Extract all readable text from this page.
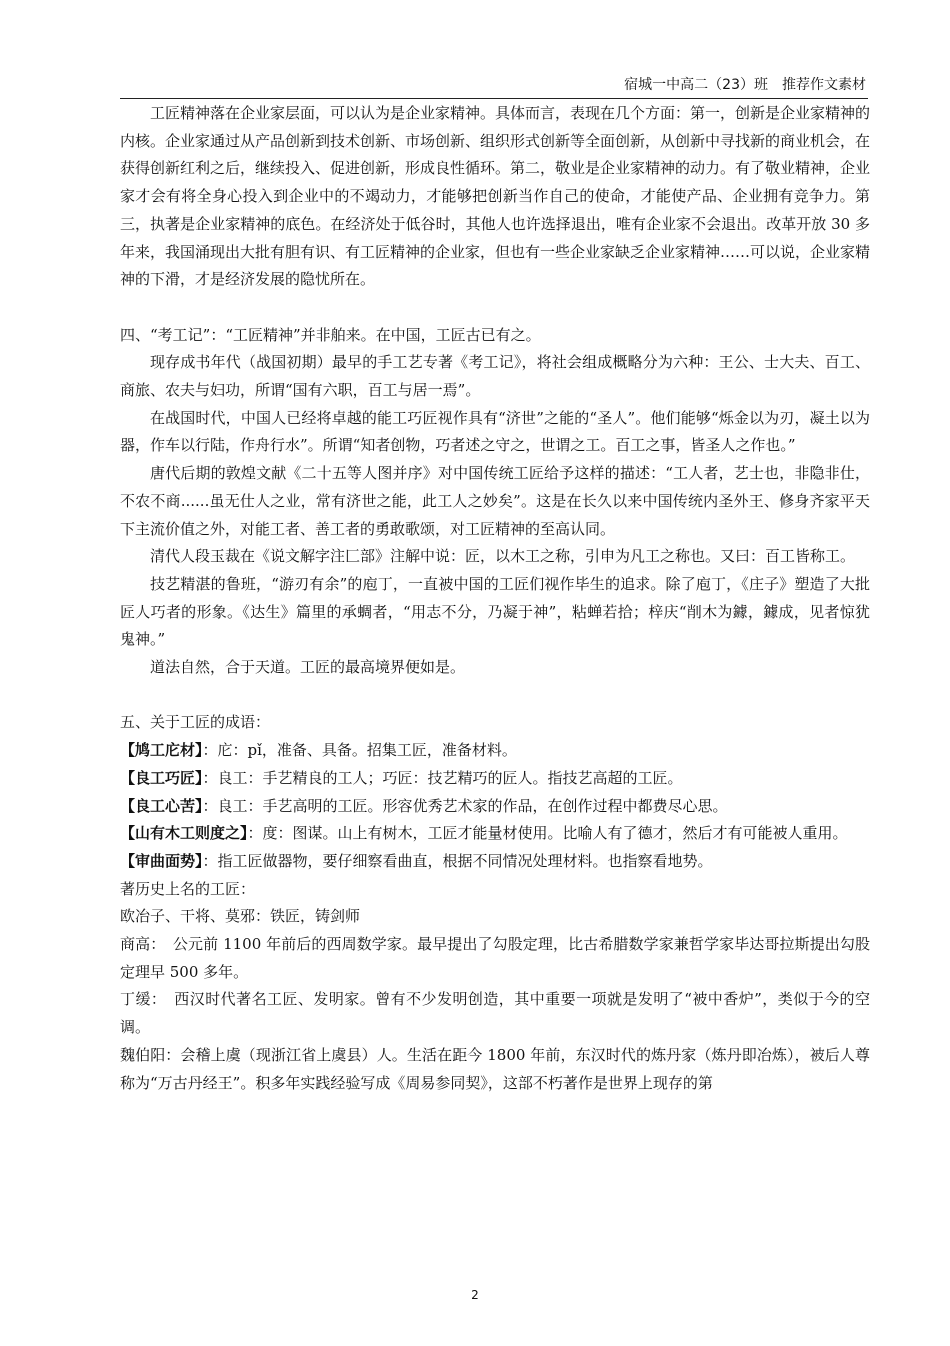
宿城一中高二（23）班　推荐作文素材

工匠精神落在企业家层面，可以认为是企业家精神。具体而言，表现在几个方面：第一，创新是企业家精神的内核。企业家通过从产品创新到技术创新、市场创新、组织形式创新等全面创新，从创新中寻找新的商业机会，在获得创新红利之后，继续投入、促进创新，形成良性循环。第二，敬业是企业家精神的动力。有了敬业精神，企业家才会有将全身心投入到企业中的不竭动力，才能够把创新当作自己的使命，才能使产品、企业拥有竞争力。第三，执著是企业家精神的底色。在经济处于低谷时，其他人也许选择退出，唯有企业家不会退出。改革开放 30 多年来，我国涌现出大批有胆有识、有工匠精神的企业家，但也有一些企业家缺乏企业家精神……可以说，企业家精神的下滑，才是经济发展的隐忧所在。

四、“考工记”：“工匠精神”并非舶来。在中国，工匠古已有之。

现存成书年代（战国初期）最早的手工艺专著《考工记》，将社会组成概略分为六种：王公、士大夫、百工、商旅、农夫与妇功，所谓“国有六职，百工与居一焉”。

在战国时代，中国人已经将卓越的能工巧匠视作具有“济世”之能的“圣人”。他们能够“烁金以为刃，凝土以为器，作车以行陆，作舟行水”。所谓“知者创物，巧者述之守之，世谓之工。百工之事，皆圣人之作也。”

唐代后期的敦煌文献《二十五等人图并序》对中国传统工匠给予这样的描述：“工人者，艺士也，非隐非仕，不农不商......虽无仕人之业，常有济世之能，此工人之妙矣”。这是在长久以来中国传统内圣外王、修身齐家平天下主流价值之外，对能工者、善工者的勇敢歌颂，对工匠精神的至高认同。

清代人段玉裁在《说文解字注匚部》注解中说：匠，以木工之称，引申为凡工之称也。又曰：百工皆称工。

技艺精湛的鲁班，“游刃有余”的庖丁，一直被中国的工匠们视作毕生的追求。除了庖丁，《庄子》塑造了大批匠人巧者的形象。《达生》篇里的承蜩者，“用志不分，乃凝于神”，粘蝉若拾；梓庆“削木为鐻，鐻成，见者惊犹鬼神。”

道法自然，合于天道。工匠的最高境界便如是。

五、关于工匠的成语：

【鸠工庀材】：庀：pǐ，准备、具备。招集工匠，准备材料。

【良工巧匠】：良工：手艺精良的工人；巧匠：技艺精巧的匠人。指技艺高超的工匠。

【良工心苦】：良工：手艺高明的工匠。形容优秀艺术家的作品，在创作过程中都费尽心思。

【山有木工则度之】：度：图谋。山上有树木，工匠才能量材使用。比喻人有了德才，然后才有可能被人重用。

【审曲面势】：指工匠做器物，要仔细察看曲直，根据不同情况处理材料。也指察看地势。

著历史上名的工匠：

欧冶子、干将、莫邪：铁匠，铸剑师

商高：　公元前 1100 年前后的西周数学家。最早提出了勾股定理，比古希腊数学家兼哲学家毕达哥拉斯提出勾股定理早 500 多年。

丁缓：　西汉时代著名工匠、发明家。曾有不少发明创造，其中重要一项就是发明了“被中香炉”，类似于今的空调。

魏伯阳：会稽上虞（现浙江省上虞县）人。生活在距今 1800 年前，东汉时代的炼丹家（炼丹即冶炼），被后人尊称为“万古丹经王”。积多年实践经验写成《周易参同契》，这部不朽著作是世界上现存的第

2
